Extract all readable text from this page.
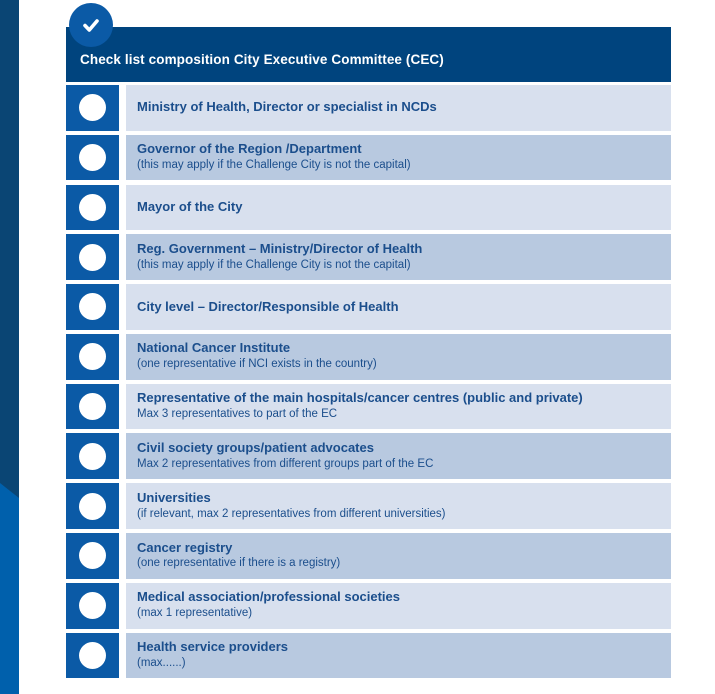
Check list composition City Executive Committee (CEC)
Ministry of Health, Director or specialist in NCDs
Governor of the Region /Department
(this may apply if the Challenge City is not the capital)
Mayor of the City
Reg. Government – Ministry/Director of Health
(this may apply if the Challenge City is not the capital)
City level – Director/Responsible of Health
National Cancer Institute
(one representative if NCI exists in the country)
Representative of the main hospitals/cancer centres (public and private)
Max 3 representatives to part of the EC
Civil society groups/patient advocates
Max 2 representatives from different groups part of the EC
Universities
(if relevant, max 2 representatives from different universities)
Cancer registry
(one representative if there is a registry)
Medical association/professional societies
(max 1 representative)
Health service providers
(max......)
